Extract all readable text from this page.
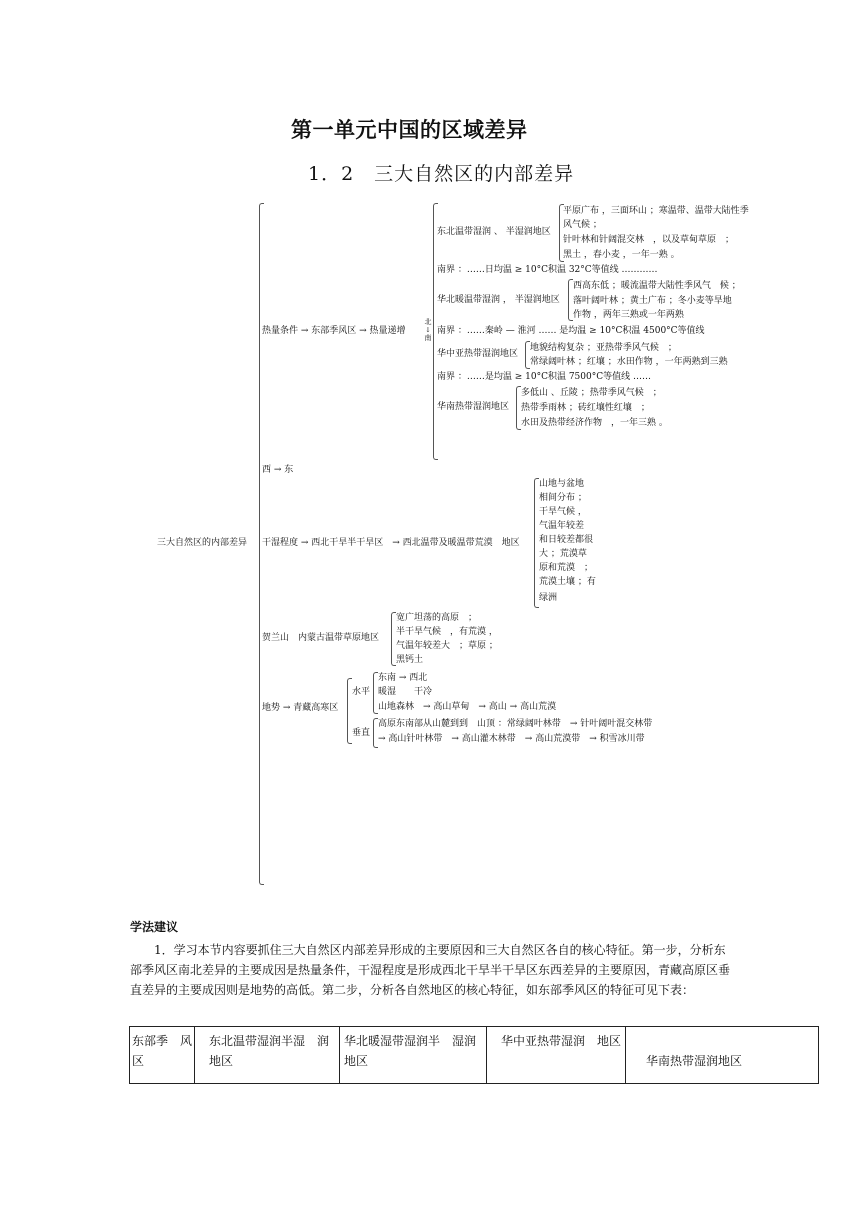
第一单元中国的区域差异
1．2　三大自然区的内部差异
三大自然区的内部差异
热量条件 → 东部季风区 → 热量递增
北↓南
东北温带湿润 、 半湿润地区
平原广布 ，三面环山 ；寒温带、温带大陆性季
风气候 ；
针叶林和针阔混交林　，以及草甸草原　；
黑土 ，春小麦 ，一年一熟 。
南界 ：……日均温 ≥ 10°C积温 32°C等值线 …………
华北暖温带湿润 ， 半湿润地区
西高东低 ；暖流温带大陆性季风气　候 ；
落叶阔叶林 ；黄土广布 ；冬小麦等旱地
作物 ，两年三熟或一年两熟
南界 ：……秦岭 — 淮河 …… 是均温 ≥ 10°C积温 4500°C等值线
华中亚热带湿润地区
地貌结构复杂 ；亚热带季风气候　；
常绿阔叶林 ；红壤 ；水田作物 ，一年两熟到三熟
南界 ：……是均温 ≥ 10°C积温 7500°C等值线 ……
华南热带湿润地区
多低山 、丘陵 ；热带季风气候　；
热带季雨林 ；砖红壤性红壤　；
水田及热带经济作物　，一年三熟 。
西 → 东
干湿程度 → 西北干旱半干旱区　→ 西北温带及暖温带荒漠　地区
山地与盆地
相间分布 ；
干旱气候 ，
气温年较差
和日较差都很
大 ；荒漠草
原和荒漠　；
荒漠土壤 ；有
绿洲
贺兰山　内蒙古温带草原地区
宽广坦荡的高原　；
半干旱气候　，有荒漠 ，
气温年较差大　；草原 ；
黑钙土
地势 → 青藏高寒区
水平
东南 → 西北
暖湿　　干冷
山地森林　→ 高山草甸　→ 高山 → 高山荒漠
垂直
高原东南部从山麓到到　山顶 ：常绿阔叶林带　→ 针叶阔叶混交林带
→ 高山针叶林带　→ 高山灌木林带　→ 高山荒漠带　→ 积雪冰川带
学法建议

1．学习本节内容要抓住三大自然区内部差异形成的主要原因和三大自然区各自的核心特征。第一步，分析东部季风区南北差异的主要成因是热量条件，干湿程度是形成西北干旱半干旱区东西差异的主要原因，青藏高原区垂直差异的主要成因则是地势的高低。第二步，分析各自然地区的核心特征，如东部季风区的特征可见下表：

东部季　风区	东北温带湿润半湿　润地区	华北暖湿带湿润半　湿润地区	华中亚热带湿润　地区	华南热带湿润地区
